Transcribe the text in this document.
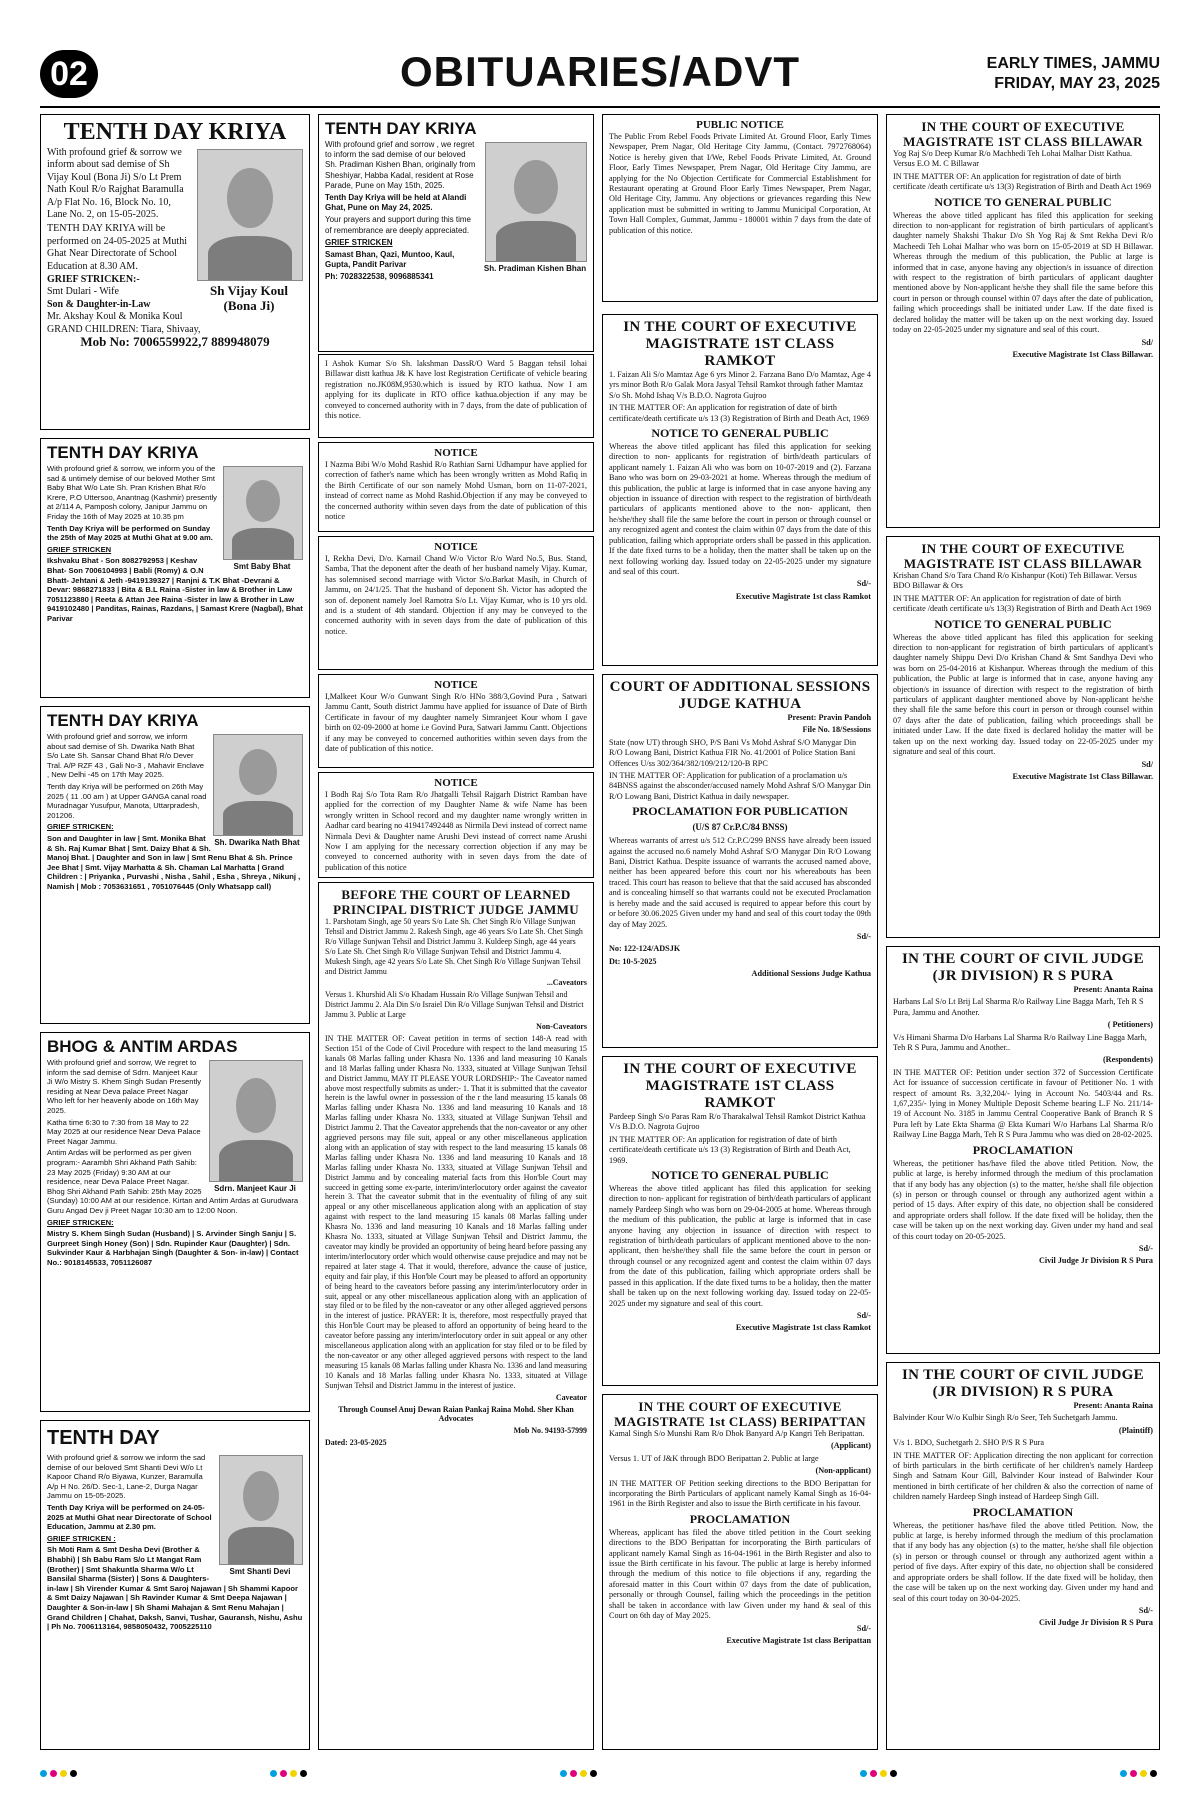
02	OBITUARIES/ADVT	EARLY TIMES, JAMMU
FRIDAY, MAY 23, 2025
TENTH DAY KRIYA
Sh Vijay Koul
(Bona Ji)

With profound grief & sorrow we inform about sad demise of Sh Vijay Koul (Bona Ji) S/o Lt Prem Nath Koul R/o Rajghat Baramulla A/p Flat No. 16, Block No. 10, Lane No. 2, on 15-05-2025.

TENTH DAY KRIYA will be performed on 24-05-2025 at Muthi Ghat Near Directorate of School Education at 8.30 AM.

GRIEF STRICKEN:-

Smt Dulari - Wife

Son & Daughter-in-Law

Mr. Akshay Koul & Monika Koul

GRAND CHILDREN: Tiara, Shivaay,

Mob No: 7006559922,7 889948079

TENTH DAY KRIYA
Smt Baby Bhat

With profound grief & sorrow, we inform you of the sad & untimely demise of our beloved Mother Smt Baby Bhat W/o Late Sh. Pran Krishen Bhat R/o Krere, P.O Uttersoo, Anantnag (Kashmir) presently at 2/114 A, Pamposh colony, Janipur Jammu on Friday the 16th of May 2025 at 10.35 pm

Tenth Day Kriya will be performed on Sunday the 25th of May 2025 at Muthi Ghat at 9.00 am.

GRIEF STRICKEN

Ikshvaku Bhat - Son 8082792953 | Keshav Bhat- Son 7006104993 | Babli (Romy) & O.N Bhatt- Jehtani & Jeth -9419139327 | Ranjni & T.K Bhat -Devrani & Devar: 9868271833 | Bita & B.L Raina -Sister in law & Brother in Law 7051123880 | Reeta & Attan Jee Raina -Sister in law & Brother in Law 9419102480 | Panditas, Rainas, Razdans, | Samast Krere (Nagbal), Bhat Parivar

TENTH DAY KRIYA
Sh. Dwarika Nath Bhat

With profound grief and sorrow, we inform about sad demise of Sh. Dwarika Nath Bhat S/o Late Sh. Sansar Chand Bhat R/o Dever Tral. A/P RZF 43 , Gali No-3 , Mahavir Enclave , New Delhi -45 on 17th May 2025.

Tenth day Kriya will be performed on 26th May 2025 ( 11 .00 am ) at Upper GANGA canal road Muradnagar Yusufpur, Manota, Uttarpradesh, 201206.

GRIEF STRICKEN:

Son and Daughter in law | Smt. Monika Bhat & Sh. Raj Kumar Bhat | Smt. Daizy Bhat & Sh. Manoj Bhat. | Daughter and Son in law | Smt Renu Bhat & Sh. Prince Jee Bhat | Smt. Vijay Marhatta & Sh. Chaman Lal Marhatta | Grand Children : | Priyanka , Purvashi , Nisha , Sahil , Esha , Shreya , Nikunj , Namish | Mob : 7053631651 , 7051076445 (Only Whatsapp call)

BHOG & ANTIM ARDAS
Sdrn. Manjeet Kaur Ji

With profound grief and sorrow, We regret to inform the sad demise of Sdrn. Manjeet Kaur Ji W/o Mistry S. Khem Singh Sudan Presently residing at Near Deva palace Preet Nagar Who left for her heavenly abode on 16th May 2025.

Katha time 6:30 to 7:30 from 18 May to 22 May 2025 at our residence Near Deva Palace Preet Nagar Jammu.

Antim Ardas will be performed as per given program:- Aarambh Shri Akhand Path Sahib: 23 May 2025 (Friday) 9:30 AM at our residence, near Deva Palace Preet Nagar. Bhog Shri Akhand Path Sahib: 25th May 2025 (Sunday) 10:00 AM at our residence. Kirtan and Antim Ardas at Gurudwara Guru Angad Dev ji Preet Nagar 10:30 am to 12:00 Noon.

GRIEF STRICKEN:

Mistry S. Khem Singh Sudan (Husband) | S. Arvinder Singh Sanju | S. Gurpreet Singh Honey (Son) | Sdn. Rupinder Kaur (Daughter) | Sdn. Sukvinder Kaur & Harbhajan Singh (Daughter & Son- in-law) | Contact No.: 9018145533, 7051126087

TENTH DAY
Smt Shanti Devi

With profound grief & sorrow we inform the sad demise of our beloved Smt Shanti Devi W/o Lt Kapoor Chand R/o Biyawa, Kunzer, Baramulla A/p H No. 26/D. Sec-1, Lane-2, Durga Nagar Jammu on 15-05-2025.

Tenth Day Kriya will be performed on 24-05-2025 at Muthi Ghat near Directorate of School Education, Jammu at 2.30 pm.

GRIEF STRICKEN :

Sh Moti Ram & Smt Desha Devi (Brother & Bhabhi) | Sh Babu Ram S/o Lt Mangat Ram (Brother) | Smt Shakuntla Sharma W/o Lt Bansilal Sharma (Sister) | Sons & Daughters-in-law | Sh Virender Kumar & Smt Saroj Najawan | Sh Shammi Kapoor & Smt Daizy Najawan | Sh Ravinder Kumar & Smt Deepa Najawan | Daughter & Son-in-law | Sh Shami Mahajan & Smt Renu Mahajan | Grand Children | Chahat, Daksh, Sanvi, Tushar, Gauransh, Nishu, Ashu | Ph No. 7006113164, 9858050432, 7005225110

TENTH DAY KRIYA
Sh. Pradiman Kishen Bhan

With profound grief and sorrow , we regret to inform the sad demise of our beloved Sh. Pradiman Kishen Bhan, originally from Sheshiyar, Habba Kadal, resident at Rose Parade, Pune on May 15th, 2025.

Tenth Day Kriya will be held at Alandi Ghat, Pune on May 24, 2025.

Your prayers and support during this time of remembrance are deeply appreciated.

GRIEF STRICKEN

Samast Bhan, Qazi, Muntoo, Kaul, Gupta, Pandit Parivar

Ph: 7028322538, 9096885341

I Ashok Kumar S/o Sh. lakshman DassR/O Ward 5 Baggan tehsil lohai Billawar distt kathua J& K have lost Registration Certificate of vehicle bearing registration no.JK08M,9530.which is issued by RTO kathua. Now I am applying for its duplicate in RTO office kathua.objection if any may be conveyed to concerned authority with in 7 days, from the date of publication of this notice.

NOTICE

I Nazma Bibi W/o Mohd Rashid R/o Rathian Sarni Udhampur have applied for correction of father's name which has been wrongly written as Mohd Rafiq in the Birth Certificate of our son namely Mohd Usman, born on 11-07-2021, instead of correct name as Mohd Rashid.Objection if any may be conveyed to the concerned authority within seven days from the date of publication of this notice

NOTICE

I, Rekha Devi, D/o. Karnail Chand W/o Victor R/o Ward No.5, Bus. Stand, Samba, That the deponent after the death of her husband namely Vijay. Kumar, has solemnised second marriage with Victor S/o.Barkat Masih, in Church of Jammu, on 24/1/25. That the husband of deponent Sh. Victor has adopted the son of. deponent namely Joel Ramotra S/o Lt. Vijay Kumar, who is 10 yrs old. and is a student of 4th standard. Objection if any may be conveyed to the concerned authority with in seven days from the date of publication of this notice.

NOTICE

I,Malkeet Kour W/o Gunwant Singh R/o HNo 388/3,Govind Pura , Satwari Jammu Cantt, South district Jammu have applied for issuance of Date of Birth Certificate in favour of my daughter namely Simranjeet Kour whom I gave birth on 02-09-2000 at home i.e Govind Pura, Satwari Jammu Cantt. Objections if any may be conveyed to concerned authorities within seven days from the date of publication of this notice.

NOTICE

I Bodh Raj S/o Tota Ram R/o Jhatgalli Tehsil Rajgarh District Ramban have applied for the correction of my Daughter Name & wife Name has been wrongly written in School record and my daughter name wrongly written in Aadhar card bearing no 419417492448 as Nirmila Devi instead of correct name Nirmala Devi & Daughter name Arushi Devi instead of correct name Arushi Now I am applying for the necessary correction objection if any may be conveyed to concerned authority with in seven days from the date of publication of this notice

BEFORE THE COURT OF LEARNED PRINCIPAL DISTRICT JUDGE JAMMU

1. Parshotam Singh, age 50 years S/o Late Sh. Chet Singh R/o Village Sunjwan Tehsil and District Jammu 2. Rakesh Singh, age 46 years S/o Late Sh. Chet Singh R/o Village Sunjwan Tehsil and District Jammu 3. Kuldeep Singh, age 44 years S/o Late Sh. Chet Singh R/o Village Sunjwan Tehsil and District Jammu 4. Mukesh Singh, age 42 years S/o Late Sh. Chet Singh R/o Village Sunjwan Tehsil and District Jammu

...Caveators

Versus 1. Khurshid Ali S/o Khadam Hussain R/o Village Sunjwan Tehsil and District Jammu 2. Ala Din S/o Israiel Din R/o Village Sunjwan Tehsil and District Jammu 3. Public at Large

Non-Caveators

IN THE MATTER OF: Caveat petition in terms of section 148-A read with Section 151 of the Code of Civil Procedure with respect to the land measuring 15 kanals 08 Marlas falling under Khasra No. 1336 and land measuring 10 Kanals and 18 Marlas falling under Khasra No. 1333, situated at Village Sunjwan Tehsil and District Jammu, MAY IT PLEASE YOUR LORDSHIP:- The Caveator named above most respectfully submits as under:- 1. That it is submitted that the caveator herein is the lawful owner in possession of the r the land measuring 15 kanals 08 Marlas falling under Khasra No. 1336 and land measuring 10 Kanals and 18 Marlas falling under Khasra No. 1333, situated at Village Sunjwan Tehsil and District Jammu 2. That the Caveator apprehends that the non-caveator or any other aggrieved persons may file suit, appeal or any other miscellaneous application along with an application of stay with respect to the land measuring 15 kanals 08 Marlas falling under Khasra No. 1336 and land measuring 10 Kanals and 18 Marlas falling under Khasra No. 1333, situated at Village Sunjwan Tehsil and District Jammu and by concealing material facts from this Hon'ble Court may succeed in getting some ex-parte, interim/interlocutory order against the caveator herein 3. That the caveator submit that in the eventuality of filing of any suit appeal or any other miscellaneous application along with an application of stay against with respect to the land measuring 15 kanals 08 Marlas falling under Khasra No. 1336 and land measuring 10 Kanals and 18 Marlas falling under Khasra No. 1333, situated at Village Sunjwan Tehsil and District Jammu, the caveator may kindly be provided an opportunity of being heard before passing any interim/interlocutory order which would otherwise cause prejudice and may not be repaired at later stage 4. That it would, therefore, advance the cause of justice, equity and fair play, if this Hon'ble Court may be pleased to afford an opportunity of being heard to the caveators before passing any interim/interlocutory order in suit, appeal or any other miscellaneous application along with an application of stay filed or to be filed by the non-caveator or any other alleged aggrieved persons in the interest of justice. PRAYER: It is, therefore, most respectfully prayed that this Hon'ble Court may be pleased to afford an opportunity of being heard to the caveator before passing any interim/interlocutory order in suit appeal or any other miscellaneous application along with an application for stay filed or to be filed by the non-caveator or any other alleged aggrieved persons with respect to the land measuring 15 kanals 08 Marlas falling under Khasra No. 1336 and land measuring 10 Kanals and 18 Marlas falling under Khasra No. 1333, situated at Village Sunjwan Tehsil and District Jammu in the interest of justice.

Caveator

Through Counsel Anuj Dewan Raian Pankaj Raina Mohd. Sher Khan Advocates

Mob No. 94193-57999

Dated: 23-05-2025

PUBLIC NOTICE

The Public From Rebel Foods Private Limited At. Ground Floor, Early Times Newspaper, Prem Nagar, Old Heritage City Jammu, (Contact. 7972768064) Notice is hereby given that I/We, Rebel Foods Private Limited, At. Ground Floor, Early Times Newspaper, Prem Nagar, Old Heritage City Jammu, are applying for the No Objection Certificate for Commercial Establishment for Restaurant operating at Ground Floor Early Times Newspaper, Prem Nagar, Old Heritage City, Jammu. Any objections or grievances regarding this New application must be submitted in writing to Jammu Municipal Corporation, At Town Hall Complex, Gummat, Jammu - 180001 within 7 days from the date of publication of this notice.

IN THE COURT OF EXECUTIVE MAGISTRATE 1ST CLASS RAMKOT

1. Faizan Ali S/o Mamtaz Age 6 yrs Minor 2. Farzana Bano D/o Mamtaz, Age 4 yrs minor Both R/o Galak Mora Jasyal Tehsil Ramkot through father Mamtaz S/o Sh. Mohd Ishaq V/s B.D.O. Nagrota Gujroo

IN THE MATTER OF: An application for registration of date of birth certificate/death certificate u/s 13 (3) Registration of Birth and Death Act, 1969

NOTICE TO GENERAL PUBLIC

Whereas the above titled applicant has filed this application for seeking direction to non- applicants for registration of birth/death particulars of applicant namely 1. Faizan Ali who was born on 10-07-2019 and (2). Farzana Bano who was born on 29-03-2021 at home. Whereas through the medium of this publication, the public at large is informed that in case anyone having any objection in issuance of direction with respect to the registration of birth/death particulars of applicants mentioned above to the non- applicant, then he/she/they shall file the same before the court in person or through counsel or any recognized agent and contest the claim within 07 days from the date of this publication, failing which appropriate orders shall be passed in this application. If the date fixed turns to be a holiday, then the matter shall be taken up on the next following working day. Issued today on 22-05-2025 under my signature and seal of this court.

Sd/-

Executive Magistrate 1st class Ramkot

COURT OF ADDITIONAL SESSIONS JUDGE KATHUA

Present: Pravin Pandoh

File No. 18/Sessions

State (now UT) through SHO, P/S Bani Vs Mohd Ashraf S/O Manygar Din R/O Lowang Bani, District Kathua FIR No. 41/2001 of Police Station Bani Offences U/ss 302/364/382/109/212/120-B RPC

IN THE MATTER OF: Application for publication of a proclamation u/s 84BNSS against the absconder/accused namely Mohd Ashraf S/O Manygar Din R/O Lowang Bani, District Kathua in daily newspaper.

PROCLAMATION FOR PUBLICATION
(U/S 87 Cr.P.C/84 BNSS)

Whereas warrants of arrest u/s 512 Cr.P.C/299 BNSS have already been issued against the accused no.6 namely Mohd Ashraf S/O Manygar Din R/O Lowang Bani, District Kathua. Despite issuance of warrants the accused named above, neither has been appeared before this court nor his whereabouts has been traced. This court has reason to believe that that the said accused has absconded and is concealing himself so that warrants could not be executed Proclamation is hereby made and the said accused is required to appear before this court by or before 30.06.2025 Given under my hand and seal of this court today the 09th day of May 2025.

Sd/-

No: 122-124/ADSJK

Dt: 10-5-2025

Additional Sessions Judge Kathua

IN THE COURT OF EXECUTIVE MAGISTRATE 1ST CLASS RAMKOT

Pardeep Singh S/o Paras Ram R/o Tharakalwal Tehsil Ramkot District Kathua V/s B.D.O. Nagrota Gujroo

IN THE MATTER OF: An application for registration of date of birth certificate/death certificate u/s 13 (3) Registration of Birth and Death Act, 1969.

NOTICE TO GENERAL PUBLIC

Whereas the above titled applicant has filed this application for seeking direction to non- applicant for registration of birth/death particulars of applicant namely Pardeep Singh who was born on 29-04-2005 at home. Whereas through the medium of this publication, the public at large is informed that in case anyone having any objection in issuance of direction with respect to registration of birth/death particulars of applicant mentioned above to the non- applicant, then he/she/they shall file the same before the court in person or through counsel or any recognized agent and contest the claim within 07 days from the date of this publication, failing which appropriate orders shall be passed in this application. If the date fixed turns to be a holiday, then the matter shall be taken up on the next following working day. Issued today on 22-05-2025 under my signature and seal of this court.

Sd/-

Executive Magistrate 1st class Ramkot

IN THE COURT OF EXECUTIVE MAGISTRATE 1st CLASS) BERIPATTAN

Kamal Singh S/o Munshi Ram R/o Dhok Banyard A/p Kangri Teh Beripattan.

(Applicant)

Versus 1. UT of J&K through BDO Beripattan 2. Public at large

(Non-applicant)

IN THE MATTER OF Petition seeking directions to the BDO Beripattan for incorporating the Birth Particulars of applicant namely Kamal Singh as 16-04-1961 in the Birth Register and also to issue the Birth certificate in his favour.

PROCLAMATION

Whereas, applicant has filed the above titled petition in the Court seeking directions to the BDO Beripattan for incorporating the Birth particulars of applicant namely Kamal Singh as 16-04-1961 in the Birth Register and also to issue the Birth certificate in his favour. The public at large is hereby informed through the medium of this notice to file objections if any, regarding the aforesaid matter in this Court within 07 days from the date of publication, personally or through Counsel, failing which the proceedings in the petition shall be taken in accordance with law Given under my hand & seal of this Court on 6th day of May 2025.

Sd/-

Executive Magistrate 1st class Beripattan

IN THE COURT OF EXECUTIVE MAGISTRATE 1ST CLASS BILLAWAR

Yog Raj S/o Deep Kumar R/o Machhedi Teh Lohai Malhar Distt Kathua. Versus E.O M. C Billawar

IN THE MATTER OF: An application for registration of date of birth certificate /death certificate u/s 13(3) Registration of Birth and Death Act 1969

NOTICE TO GENERAL PUBLIC

Whereas the above titled applicant has filed this application for seeking direction to non-applicant for registration of birth particulars of applicant's daughter namely Shakshi Thakur D/o Sh Yog Raj & Smt Rekha Devi R/o Macheedi Teh Lohai Malhar who was born on 15-05-2019 at SD H Billawar. Whereas through the medium of this publication, the Public at large is informed that in case, anyone having any objection/s in issuance of direction with respect to the registration of birth particulars of applicant daughter mentioned above by Non-applicant he/she they shall file the same before this court in person or through counsel within 07 days after the date of publication, failing which proceedings shall be initiated under Law. If the date fixed is declared holiday the matter will be taken up on the next working day. Issued today on 22-05-2025 under my signature and seal of this court.

Sd/

Executive Magistrate 1st Class Billawar.

IN THE COURT OF EXECUTIVE MAGISTRATE IST CLASS BILLAWAR

Krishan Chand S/o Tara Chand R/o Kishanpur (Koti) Teh Billawar. Versus BDO Billawar & Ors

IN THE MATTER OF: An application for registration of date of birth certificate /death certificate u/s 13(3) Registration of Birth and Death Act 1969

NOTICE TO GENERAL PUBLIC

Whereas the above titled applicant has filed this application for seeking direction to non-applicant for registration of birth particulars of applicant's daughter namely Shippu Devi D/o Krishan Chand & Smt Sandhya Devi who was born on 25-04-2016 at Kishanpur. Whereas through the medium of this publication, the Public at large is informed that in case, anyone having any objection/s in issuance of direction with respect to the registration of birth particulars of applicant daughter mentioned above by Non-applicant he/she they shall file the same before this court in person or through counsel within 07 days after the date of publication, failing which proceedings shall be initiated under Law. If the date fixed is declared holiday the matter will be taken up on the next working day. Issued today on 22-05-2025 under my signature and seal of this court.

Sd/

Executive Magistrate 1st Class Billawar.

IN THE COURT OF CIVIL JUDGE (JR DIVISION) R S PURA

Present: Ananta Raina

Harbans Lal S/o Lt Brij Lal Sharma R/o Railway Line Bagga Marh, Teh R S Pura, Jammu and Another.

( Petitioners)

V/s Himani Sharma D/o Harbans Lal Sharma R/o Railway Line Bagga Marh, Teh R S Pura, Jammu and Another..

(Respondents)

IN THE MATTER OF: Petition under section 372 of Succession Certificate Act for issuance of succession certificate in favour of Petitioner No. 1 with respect of amount Rs. 3,32,204/- lying in Account No. 5403/44 and Rs. 1,67,235/- lying in Money Multiple Deposit Scheme bearing L.F No. 211/14-19 of Account No. 3185 in Jammu Central Cooperative Bank of Branch R S Pura left by Late Ekta Sharma @ Ekta Kumari W/o Harbans Lal Sharma R/o Railway Line Bagga Marh, Teh R S Pura Jammu who was died on 28-02-2025.

PROCLAMATION

Whereas, the petitioner has/have filed the above titled Petition. Now, the public at large, is hereby informed through the medium of this proclamation that if any body has any objection (s) to the matter, he/she shall file objection (s) in person or through counsel or through any authorized agent within a period of 15 days. After expiry of this date, no objection shall be considered and appropriate orders shall follow. If the date fixed will be holiday, then the case will be taken up on the next working day. Given under my hand and seal of this court today on 20-05-2025.

Sd/-

Civil Judge Jr Division R S Pura

IN THE COURT OF CIVIL JUDGE (JR DIVISION) R S PURA

Present: Ananta Raina

Balvinder Kour W/o Kulbir Singh R/o Seer, Teh Suchetgarh Jammu.

(Plaintiff)

V/s 1. BDO, Suchetgarh 2. SHO P/S R S Pura

IN THE MATTER OF: Application directing the non applicant for correction of birth particulars in the birth certificate of her children's namely Hardeep Singh and Satnam Kour Gill, Balvinder Kour instead of Balwinder Kour mentioned in birth certificate of her children & also the correction of name of children namely Hardeep Singh instead of Hardeep Singh Gill.

PROCLAMATION

Whereas, the petitioner has/have filed the above titled Petition. Now, the public at large, is hereby informed through the medium of this proclamation that if any body has any objection (s) to the matter, he/she shall file objection (s) in person or through counsel or through any authorized agent within a period of five days. After expiry of this date, no objection shall be considered and appropriate orders be shall follow. If the date fixed will be holiday, then the case will be taken up on the next working day. Given under my hand and seal of this court today on 30-04-2025.

Sd/-

Civil Judge Jr Division R S Pura
